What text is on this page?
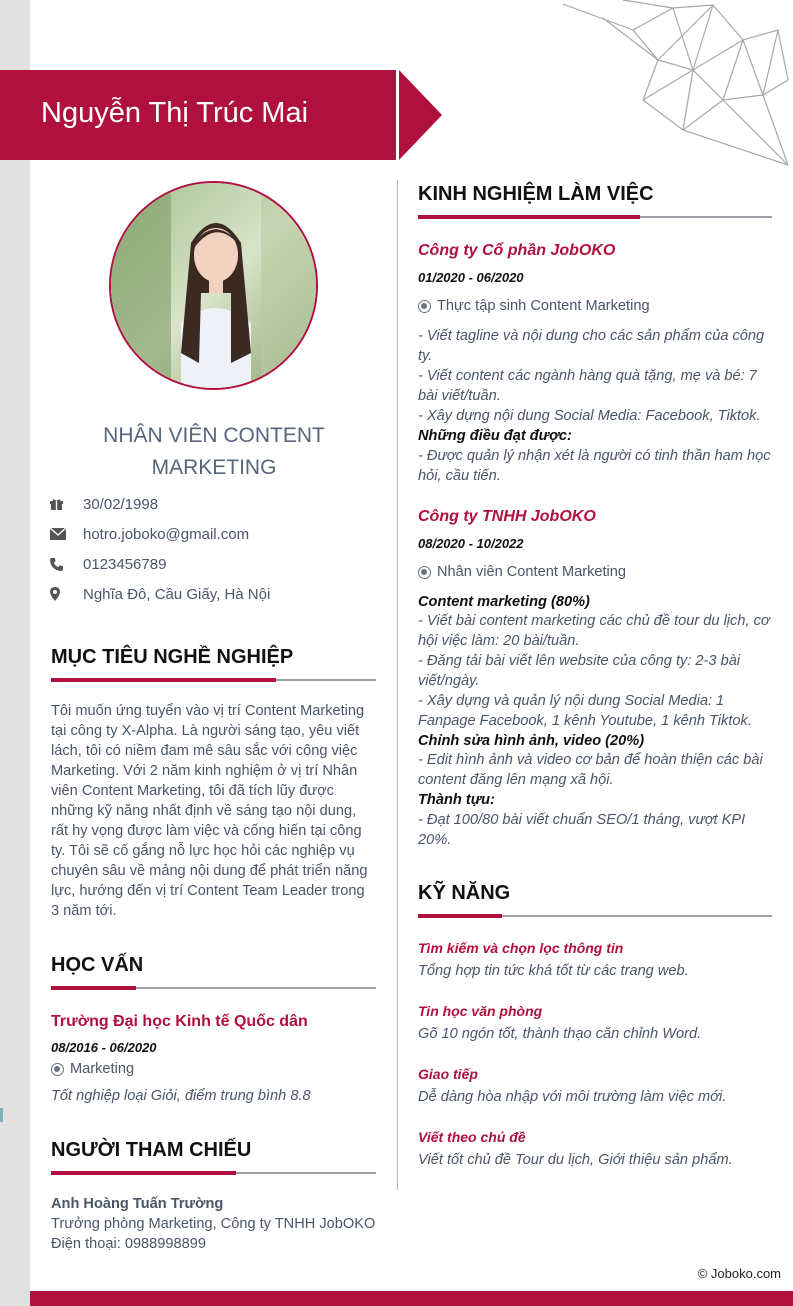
© Joboko.com
Nguyễn Thị Trúc Mai
NHÂN VIÊN CONTENT
MARKETING
30/02/1998
hotro.joboko@gmail.com
0123456789
Nghĩa Đô, Cầu Giấy, Hà Nội
MỤC TIÊU NGHỀ NGHIỆP
Tôi muốn ứng tuyển vào vị trí Content Marketing tại công ty X-Alpha. Là người sáng tạo, yêu viết lách, tôi có niềm đam mê sâu sắc với công việc Marketing. Với 2 năm kinh nghiệm ở vị trí Nhân viên Content Marketing, tôi đã tích lũy được những kỹ năng nhất định về sáng tạo nội dung, rất hy vọng được làm việc và cống hiến tại công ty. Tôi sẽ cố gắng nỗ lực học hỏi các nghiệp vụ chuyên sâu về mảng nội dung để phát triển năng lực, hướng đến vị trí Content Team Leader trong 3 năm tới.
HỌC VẤN
Trường Đại học Kinh tế Quốc dân
08/2016 - 06/2020
Marketing
Tốt nghiệp loại Giỏi, điểm trung bình 8.8
NGƯỜI THAM CHIẾU
Anh Hoàng Tuấn Trường
Trưởng phòng Marketing, Công ty TNHH JobOKO
Điện thoại: 0988998899
KINH NGHIỆM LÀM VIỆC
Công ty Cổ phần JobOKO
01/2020 - 06/2020
Thực tập sinh Content Marketing
- Viết tagline và nội dung cho các sản phẩm của công
ty.
- Viết content các ngành hàng quà tặng, mẹ và bé: 7
bài viết/tuần.
- Xây dựng nội dung Social Media: Facebook, Tiktok.
Những điều đạt được:
- Được quản lý nhận xét là người có tinh thần ham học
hỏi, cầu tiến.
Công ty TNHH JobOKO
08/2020 - 10/2022
Nhân viên Content Marketing
Content marketing (80%)
- Viết bài content marketing các chủ đề tour du lịch, cơ
hội việc làm: 20 bài/tuần.
- Đăng tải bài viết lên website của công ty: 2-3 bài
viết/ngày.
- Xây dựng và quản lý nội dung Social Media: 1
Fanpage Facebook, 1 kênh Youtube, 1 kênh Tiktok.
Chỉnh sửa hình ảnh, video (20%)
- Edit hình ảnh và video cơ bản để hoàn thiện các bài
content đăng lên mạng xã hội.
Thành tựu:
- Đạt 100/80 bài viết chuẩn SEO/1 tháng, vượt KPI
20%.
KỸ NĂNG
Tìm kiếm và chọn lọc thông tin
Tổng hợp tin tức khá tốt từ các trang web.
Tin học văn phòng
Gõ 10 ngón tốt, thành thạo căn chỉnh Word.
Giao tiếp
Dễ dàng hòa nhập với môi trường làm việc mới.
Viết theo chủ đề
Viết tốt chủ đề Tour du lịch, Giới thiệu sản phẩm.
